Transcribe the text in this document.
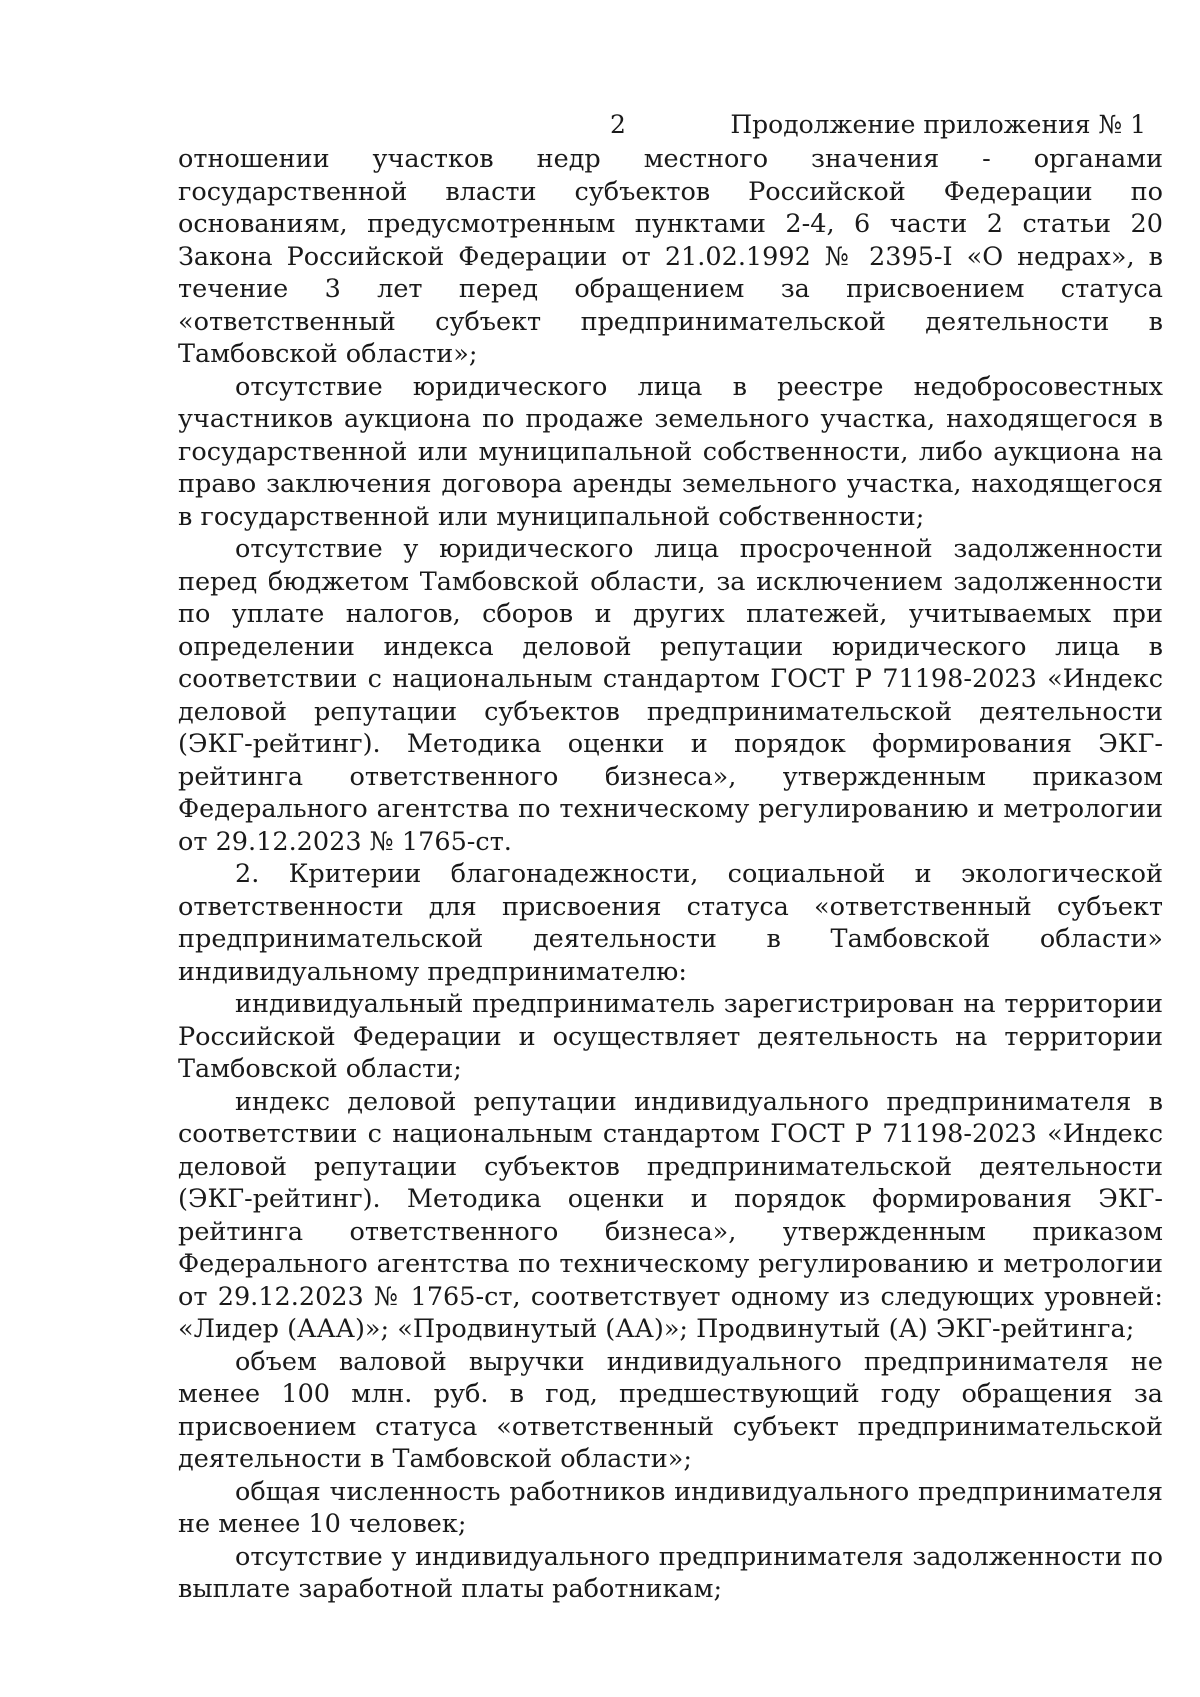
2	Продолжение приложения № 1

отношении участков недр местного значения - органами государственной власти субъектов Российской Федерации по основаниям, предусмотренным пунктами 2-4, 6 части 2 статьи 20 Закона Российской Федерации от 21.02.1992 № 2395-I «О недрах», в течение 3 лет перед обращением за присвоением статуса «ответственный субъект предпринимательской деятельности в Тамбовской области»;

отсутствие юридического лица в реестре недобросовестных участников аукциона по продаже земельного участка, находящегося в государственной или муниципальной собственности, либо аукциона на право заключения договора аренды земельного участка, находящегося в государственной или муниципальной собственности;

отсутствие у юридического лица просроченной задолженности перед бюджетом Тамбовской области, за исключением задолженности по уплате налогов, сборов и других платежей, учитываемых при определении индекса деловой репутации юридического лица в соответствии с национальным стандартом ГОСТ Р 71198-2023 «Индекс деловой репутации субъектов предпринимательской деятельности (ЭКГ-рейтинг). Методика оценки и порядок формирования ЭКГ-рейтинга ответственного бизнеса», утвержденным приказом Федерального агентства по техническому регулированию и метрологии от 29.12.2023 № 1765-ст.

2. Критерии благонадежности, социальной и экологической ответственности для присвоения статуса «ответственный субъект предпринимательской деятельности в Тамбовской области» индивидуальному предпринимателю:

индивидуальный предприниматель зарегистрирован на территории Российской Федерации и осуществляет деятельность на территории Тамбовской области;

индекс деловой репутации индивидуального предпринимателя в соответствии с национальным стандартом ГОСТ Р 71198-2023 «Индекс деловой репутации субъектов предпринимательской деятельности (ЭКГ-рейтинг). Методика оценки и порядок формирования ЭКГ-рейтинга ответственного бизнеса», утвержденным приказом Федерального агентства по техническому регулированию и метрологии от 29.12.2023 № 1765-ст, соответствует одному из следующих уровней: «Лидер (ААА)»; «Продвинутый (АА)»; Продвинутый (А) ЭКГ-рейтинга;

объем валовой выручки индивидуального предпринимателя не менее 100 млн. руб. в год, предшествующий году обращения за присвоением статуса «ответственный субъект предпринимательской деятельности в Тамбовской области»;

общая численность работников индивидуального предпринимателя не менее 10 человек;

отсутствие у индивидуального предпринимателя задолженности по выплате заработной платы работникам;
